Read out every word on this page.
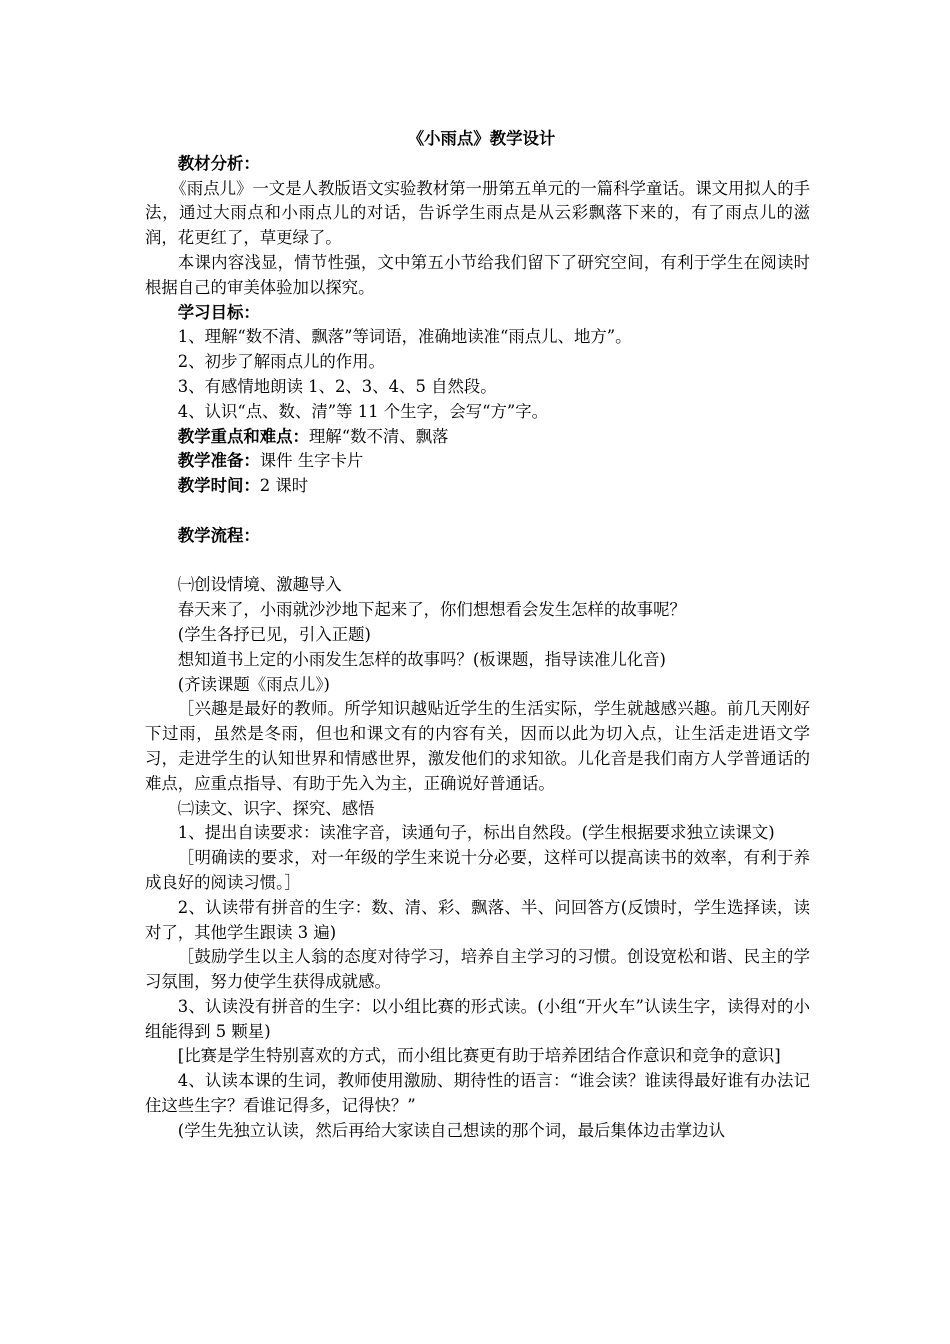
《小雨点》教学设计

教材分析：

《雨点儿》一文是人教版语文实验教材第一册第五单元的一篇科学童话。课文用拟人的手法，通过大雨点和小雨点儿的对话，告诉学生雨点是从云彩飘落下来的，有了雨点儿的滋润，花更红了，草更绿了。

本课内容浅显，情节性强，文中第五小节给我们留下了研究空间，有利于学生在阅读时根据自己的审美体验加以探究。

学习目标：

1、理解“数不清、飘落”等词语，准确地读准“雨点儿、地方”。

2、初步了解雨点儿的作用。

3、有感情地朗读 1、2、3、4、5 自然段。

4、认识“点、数、清”等 11 个生字，会写“方”字。

教学重点和难点：理解“数不清、飘落

教学准备：课件 生字卡片

教学时间：2 课时

教学流程：

㈠创设情境、激趣导入

春天来了，小雨就沙沙地下起来了，你们想想看会发生怎样的故事呢？

(学生各抒已见，引入正题)

想知道书上定的小雨发生怎样的故事吗？(板课题，指导读准儿化音)

(齐读课题《雨点儿》)

［兴趣是最好的教师。所学知识越贴近学生的生活实际，学生就越感兴趣。前几天刚好下过雨，虽然是冬雨，但也和课文有的内容有关，因而以此为切入点，让生活走进语文学习，走进学生的认知世界和情感世界，激发他们的求知欲。儿化音是我们南方人学普通话的难点，应重点指导、有助于先入为主，正确说好普通话。

㈡读文、识字、探究、感悟

1、提出自读要求：读准字音，读通句子，标出自然段。(学生根据要求独立读课文)

［明确读的要求，对一年级的学生来说十分必要，这样可以提高读书的效率，有利于养成良好的阅读习惯。］

2、认读带有拼音的生字：数、清、彩、飘落、半、问回答方(反馈时，学生选择读，读对了，其他学生跟读 3 遍)

［鼓励学生以主人翁的态度对待学习，培养自主学习的习惯。创设宽松和谐、民主的学习氛围，努力使学生获得成就感。

3、认读没有拼音的生字：以小组比赛的形式读。(小组“开火车”认读生字，读得对的小组能得到 5 颗星)

[比赛是学生特别喜欢的方式，而小组比赛更有助于培养团结合作意识和竞争的意识]

4、认读本课的生词，教师使用激励、期待性的语言：“谁会读？谁读得最好谁有办法记住这些生字？看谁记得多，记得快？”

(学生先独立认读，然后再给大家读自己想读的那个词，最后集体边击掌边认
